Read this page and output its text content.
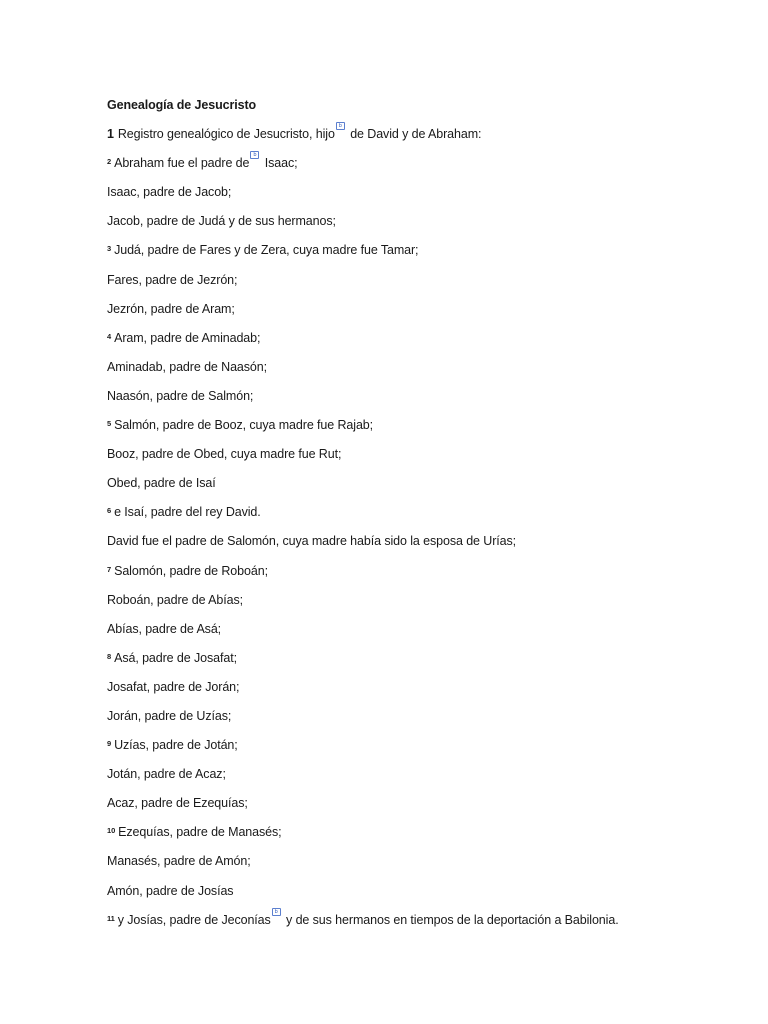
Genealogía de Jesucristo
1 Registro genealógico de Jesucristo, hijob de David y de Abraham:
$^2$ Abraham fue el padre deb Isaac;
Isaac, padre de Jacob;
Jacob, padre de Judá y de sus hermanos;
$^3$ Judá, padre de Fares y de Zera, cuya madre fue Tamar;
Fares, padre de Jezrón;
Jezrón, padre de Aram;
$^4$ Aram, padre de Aminadab;
Aminadab, padre de Naasón;
Naasón, padre de Salmón;
$^5$ Salmón, padre de Booz, cuya madre fue Rajab;
Booz, padre de Obed, cuya madre fue Rut;
Obed, padre de Isaí
$^6$ e Isaí, padre del rey David.
David fue el padre de Salomón, cuya madre había sido la esposa de Urías;
$^7$ Salomón, padre de Roboán;
Roboán, padre de Abías;
Abías, padre de Asá;
$^8$ Asá, padre de Josafat;
Josafat, padre de Jorán;
Jorán, padre de Uzías;
$^9$ Uzías, padre de Jotán;
Jotán, padre de Acaz;
Acaz, padre de Ezequías;
$^{10}$ Ezequías, padre de Manasés;
Manasés, padre de Amón;
Amón, padre de Josías
$^{11}$ y Josías, padre de Jeconíasb y de sus hermanos en tiempos de la deportación a Babilonia.
